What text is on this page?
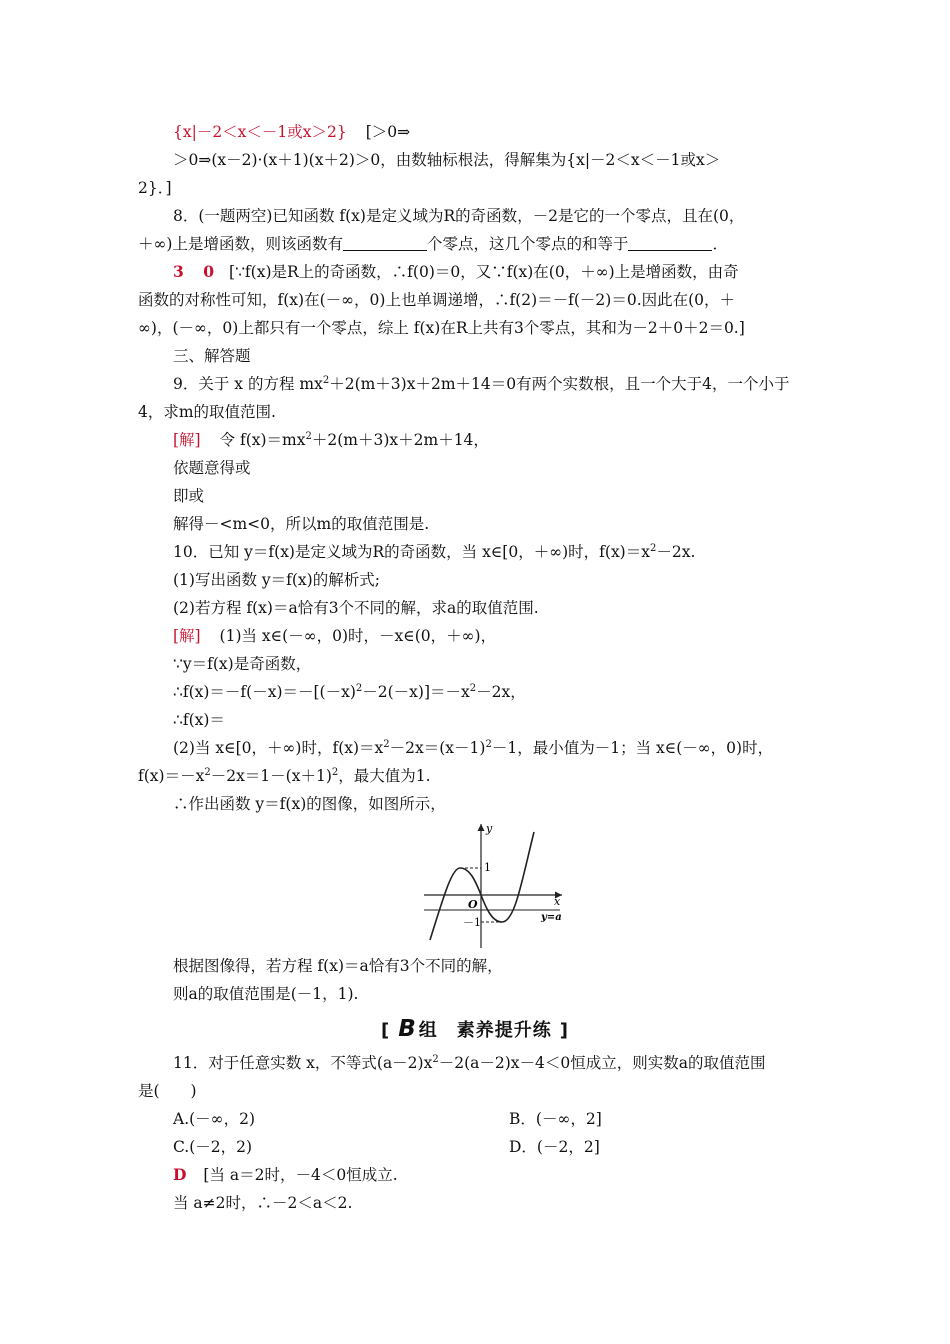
{x|－2＜x＜－1或x＞2} [＞0⇒
＞0⇒(x－2)·(x＋1)(x＋2)＞0，由数轴标根法，得解集为{x|－2＜x＜－1或x＞
2}．]
8．(一题两空)已知函数 f(x)是定义域为R的奇函数，－2是它的一个零点，且在(0，
＋∞)上是增函数，则该函数有	个零点，这几个零点的和等于	．
3　0 [∵f(x)是R上的奇函数，∴f(0)＝0，又∵f(x)在(0，＋∞)上是增函数，由奇
函数的对称性可知，f(x)在(－∞，0)上也单调递增，∴f(2)＝－f(－2)＝0.因此在(0，＋
∞)，(－∞，0)上都只有一个零点，综上 f(x)在R上共有3个零点，其和为－2＋0＋2＝0.]
三、解答题
9．关于 x 的方程 $mx^2+2(m+3)x+2m+14=0$有两个实数根，且一个大于4，一个小于
4，求m的取值范围.
[解] 令 $f(x)=mx^2+2(m+3)x+2m+14$，
依题意得或
即或
解得－<m<0，所以m的取值范围是.
10．已知 y＝f(x)是定义域为R的奇函数，当 x∈[0，＋∞)时，$f(x)=x^2-2x$.
(1)写出函数 y＝f(x)的解析式;
(2)若方程 f(x)＝a恰有3个不同的解，求a的取值范围.
[解] (1)当 x∈(－∞，0)时，－x∈(0，＋∞)，
∵y＝f(x)是奇函数，
$\therefore f(x)=-f(-x)=-[(-x)^2-2(-x)]=-x^2-2x$，
∴f(x)＝
(2)当 x∈[0，＋∞)时，$f(x)=x^2-2x=(x-1)^2-1$，最小值为－1；当 x∈(－∞，0)时，
$f(x)=-x^2-2x=1-(x+1)^2$，最大值为1.
∴作出函数 y＝f(x)的图像，如图所示，
y
x
O
1
－1	y=a
根据图像得，若方程 f(x)＝a恰有3个不同的解，
则a的取值范围是(－1，1).
[ B 组　素养提升练 ]
11．对于任意实数 x，不等式$(a-2)x^2-2(a-2)x-4<0$恒成立，则实数a的取值范围
是(　　)
A.(－∞，2)	B．(－∞，2]
C.(－2，2)	D．(－2，2]
D [当 a＝2时，－4＜0恒成立.
当 a≠2时，∴－2＜a＜2.
